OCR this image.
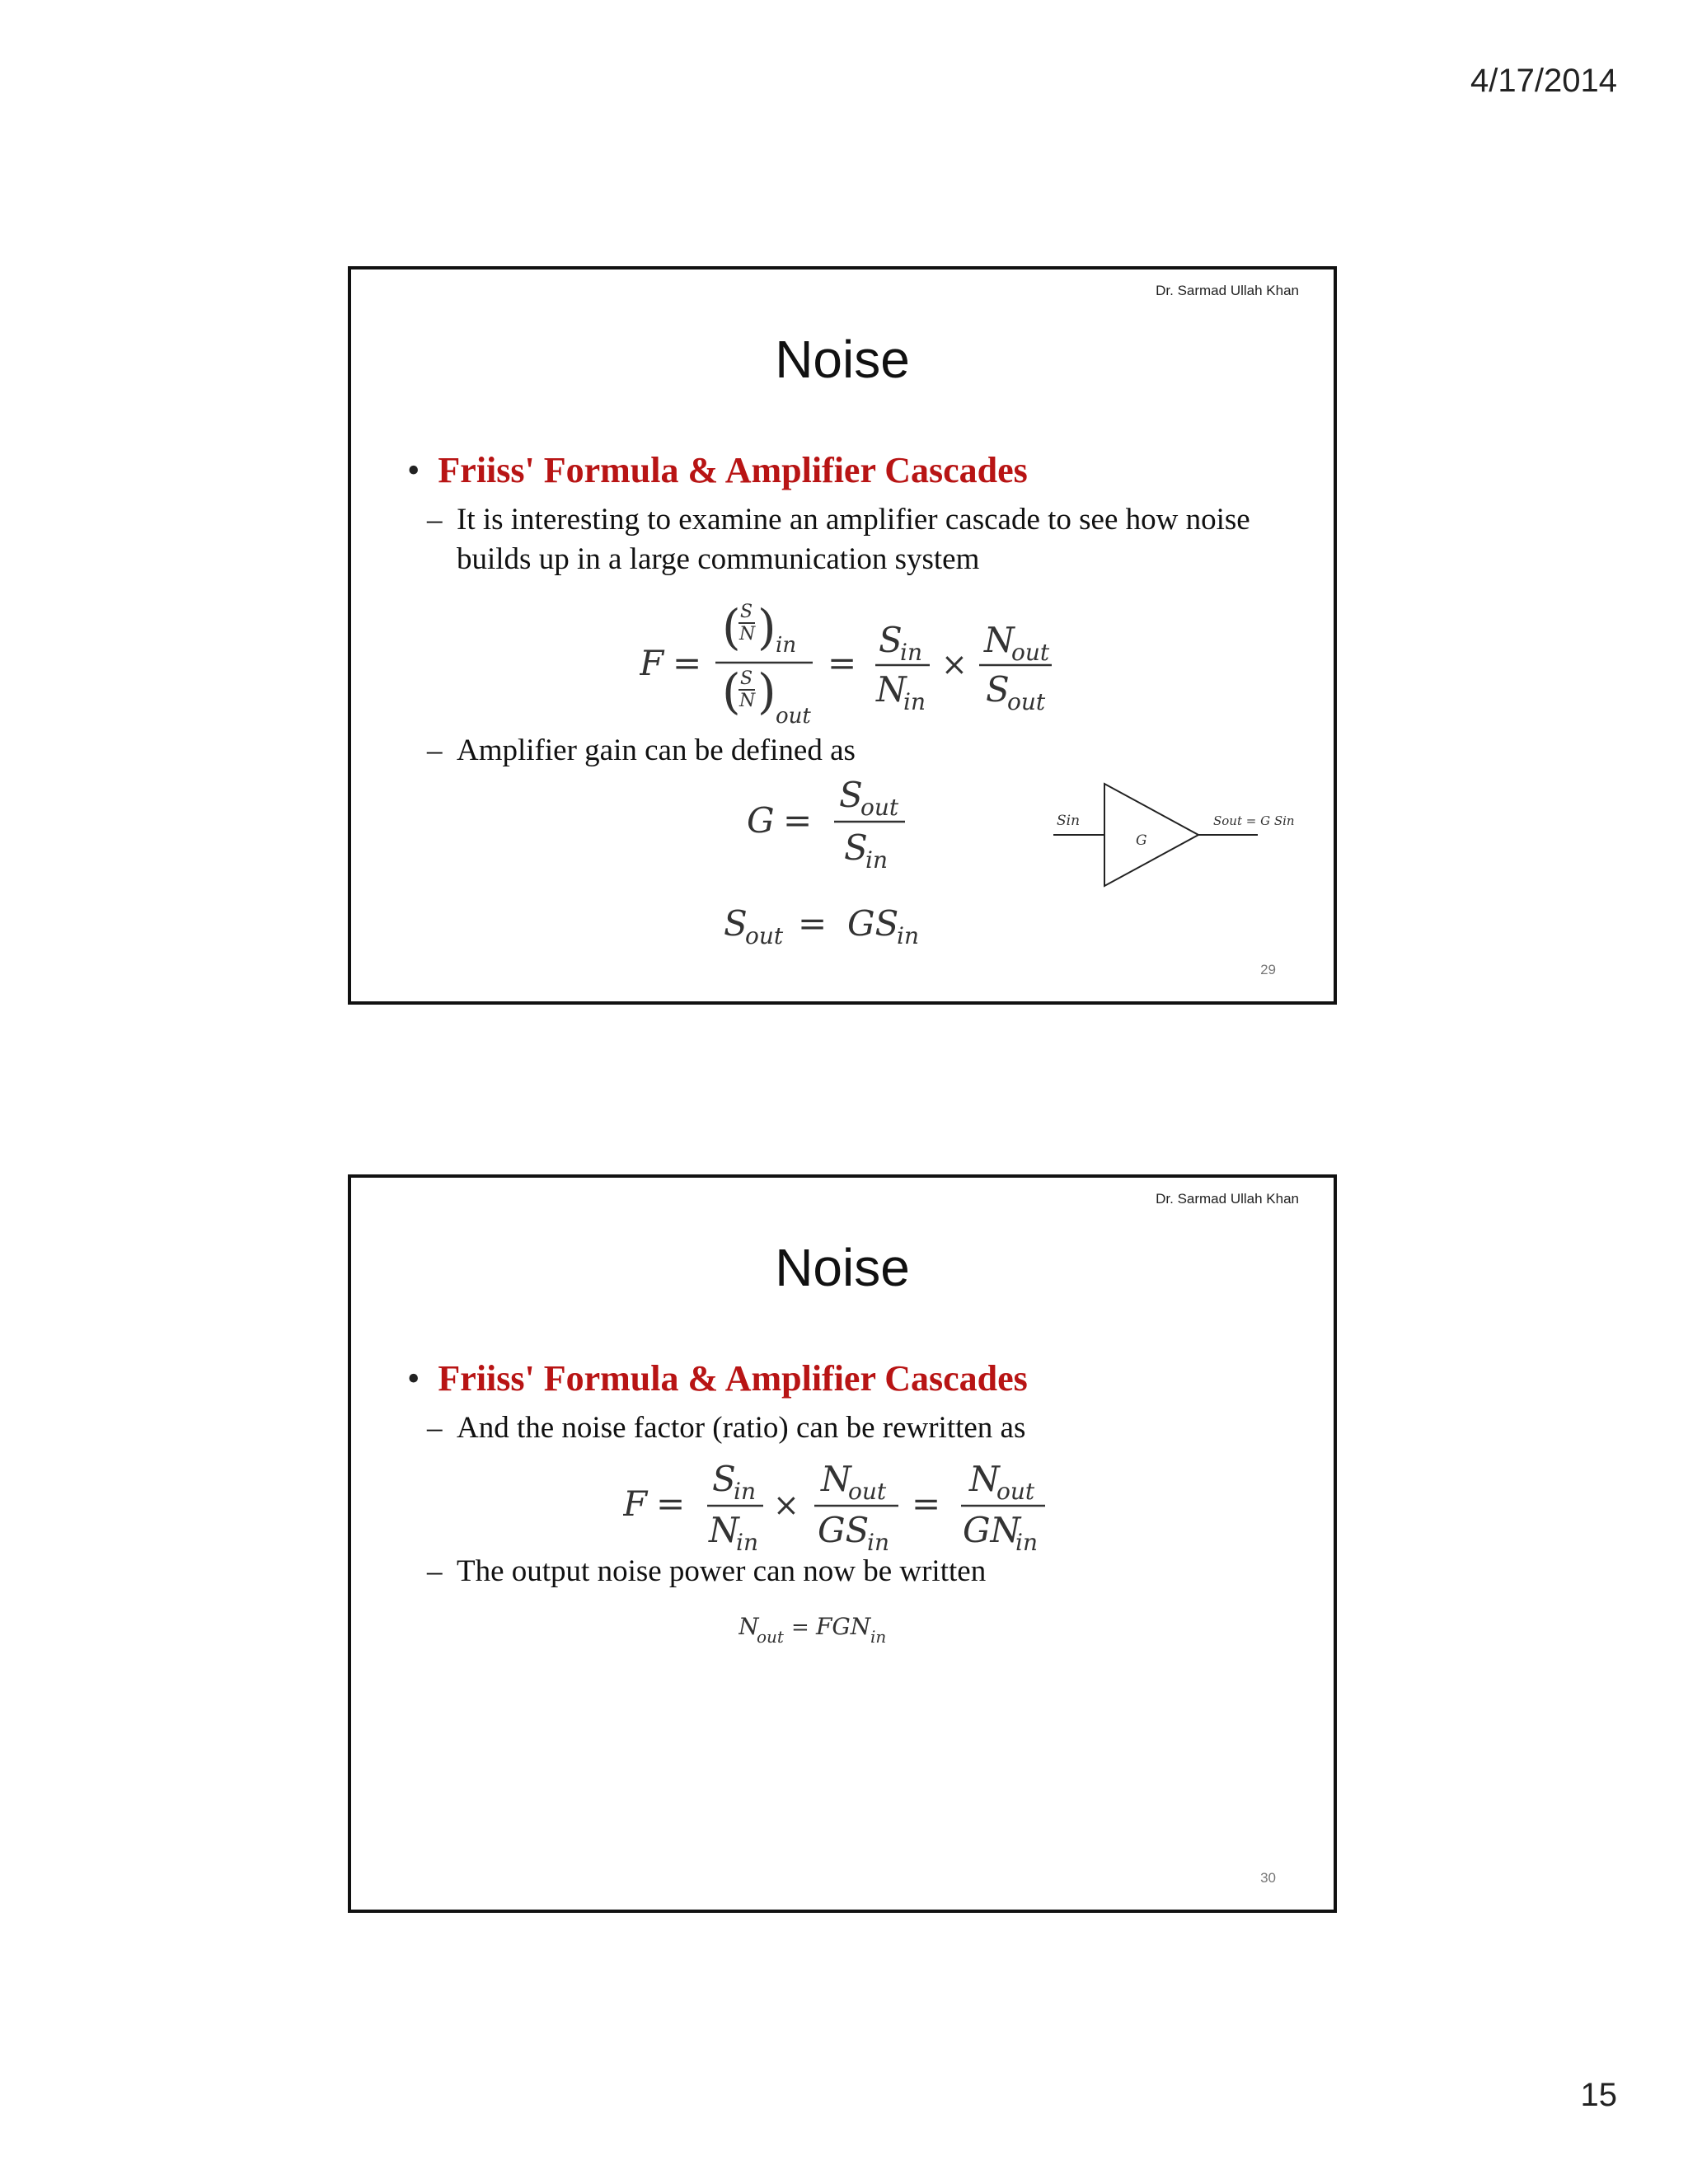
4/17/2014
Dr. Sarmad Ullah Khan
Noise
• Friiss' Formula & Amplifier Cascades
– It is interesting to examine an amplifier cascade to see how noise builds up in a large communication system
F =
( S
N ) in
( S
N ) out
=
S
in
N
in
×
N
out
S
out
– Amplifier gain can be defined as
G =
S
out
S
in
Sin
G
Sout = G Sin
S
out = GS
in
29
Dr. Sarmad Ullah Khan
Noise
• Friiss' Formula & Amplifier Cascades
– And the noise factor (ratio) can be rewritten as
F =
S
in
N
in
×
N
out
GS
in
=
N
out
GN
in
– The output noise power can now be written
N
out = FGN in
30
15
